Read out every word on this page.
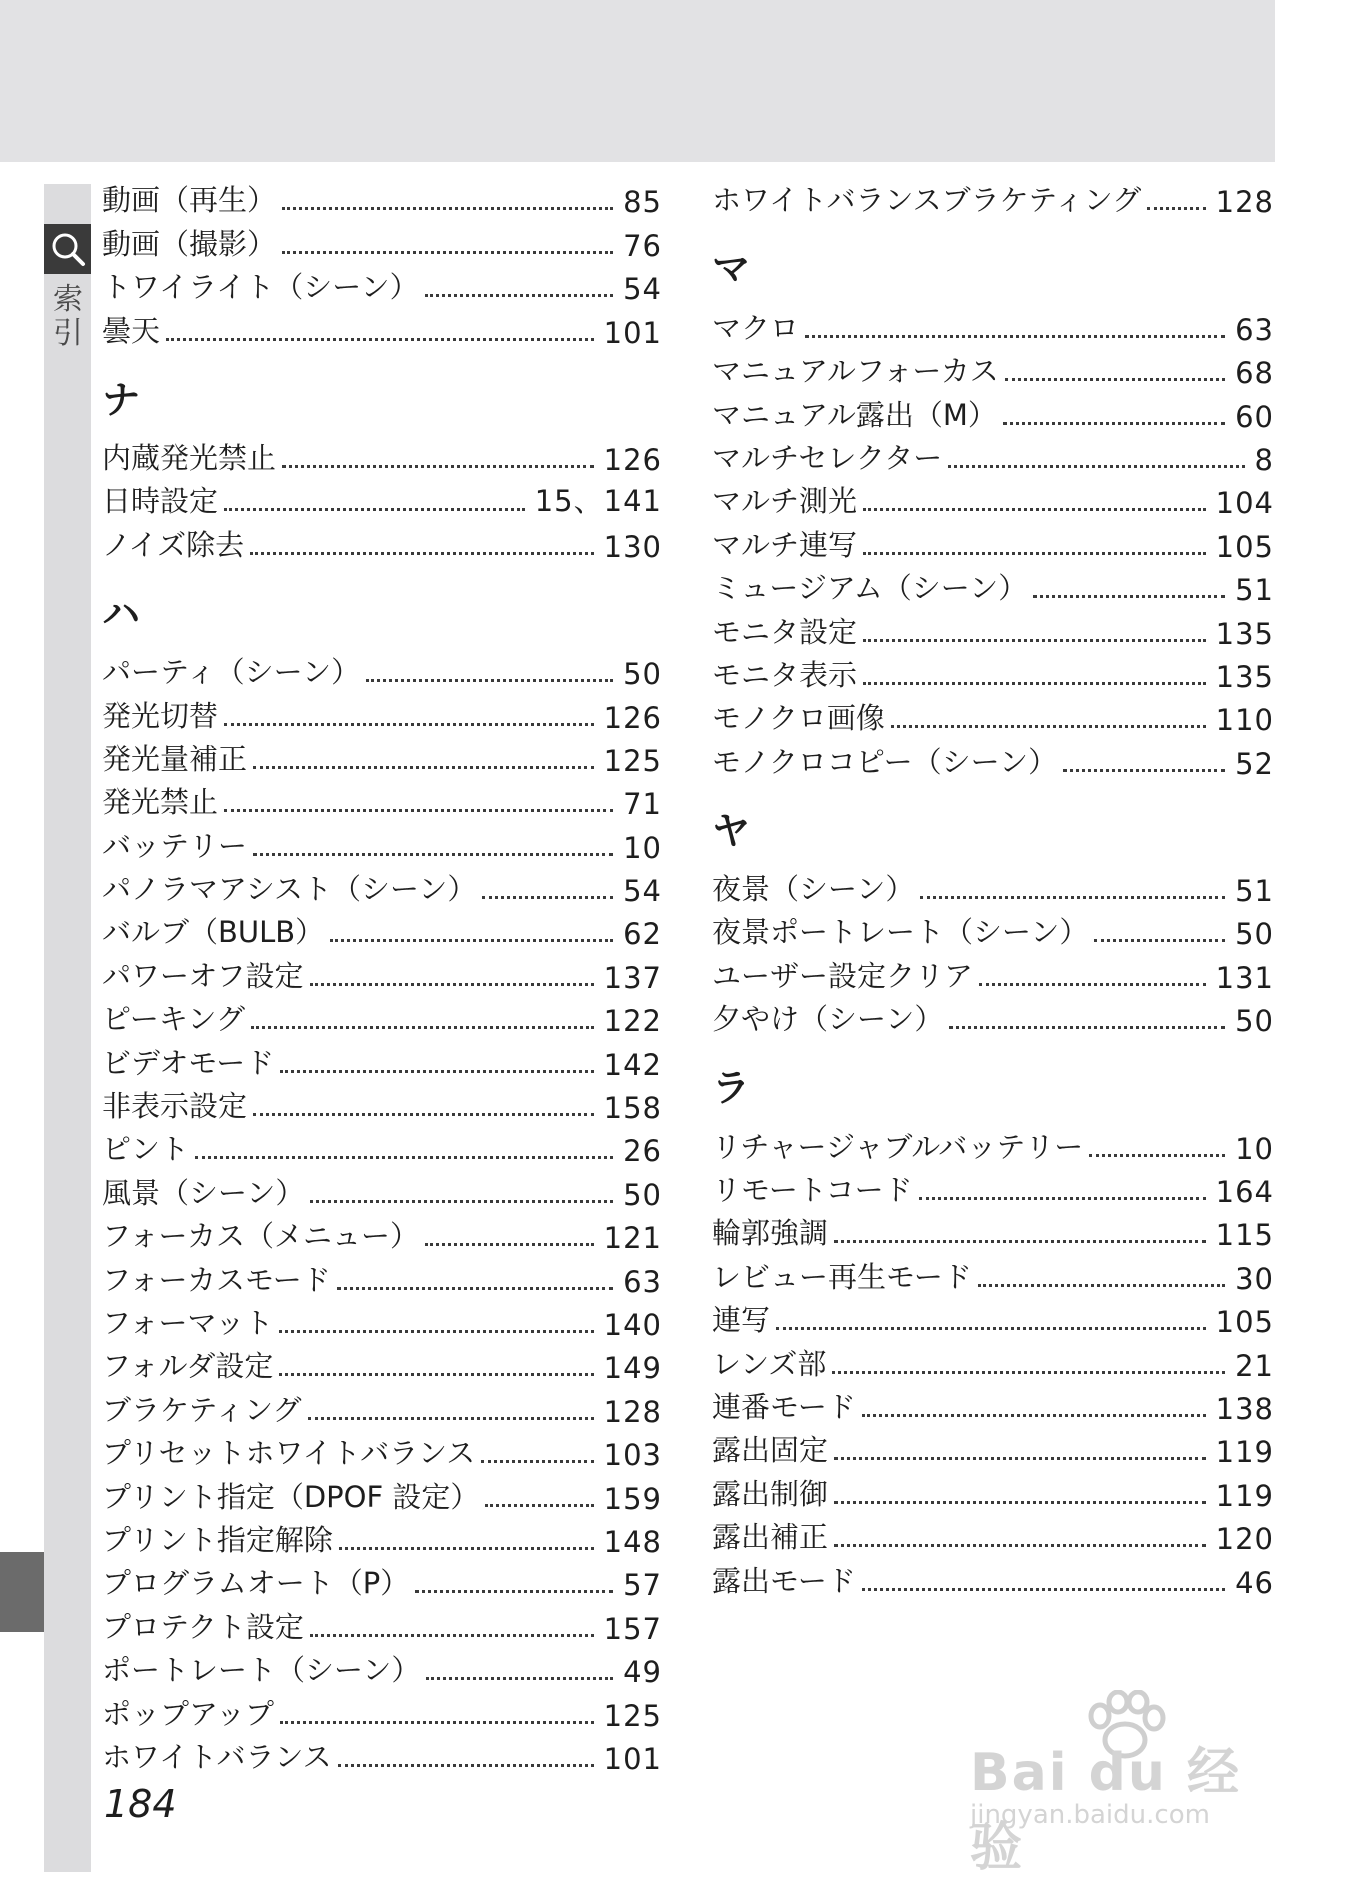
索
引
動画（再生）	85
動画（撮影）	76
トワイライト（シーン）	54
曇天	101
ナ
内蔵発光禁止	126
日時設定	15、141
ノイズ除去	130
ハ
パーティ（シーン）	50
発光切替	126
発光量補正	125
発光禁止	71
バッテリー	10
パノラマアシスト（シーン）	54
バルブ（BULB）	62
パワーオフ設定	137
ピーキング	122
ビデオモード	142
非表示設定	158
ピント	26
風景（シーン）	50
フォーカス（メニュー）	121
フォーカスモード	63
フォーマット	140
フォルダ設定	149
ブラケティング	128
プリセットホワイトバランス	103
プリント指定（DPOF 設定）	159
プリント指定解除	148
プログラムオート（P）	57
プロテクト設定	157
ポートレート（シーン）	49
ポップアップ	125
ホワイトバランス	101
ホワイトバランスブラケティング	128
マ
マクロ	63
マニュアルフォーカス	68
マニュアル露出（M）	60
マルチセレクター	8
マルチ測光	104
マルチ連写	105
ミュージアム（シーン）	51
モニタ設定	135
モニタ表示	135
モノクロ画像	110
モノクロコピー（シーン）	52
ヤ
夜景（シーン）	51
夜景ポートレート（シーン）	50
ユーザー設定クリア	131
夕やけ（シーン）	50
ラ
リチャージャブルバッテリー	10
リモートコード	164
輪郭強調	115
レビュー再生モード	30
連写	105
レンズ部	21
連番モード	138
露出固定	119
露出制御	119
露出補正	120
露出モード	46
184
Bai du 经验
jingyan.baidu.com
